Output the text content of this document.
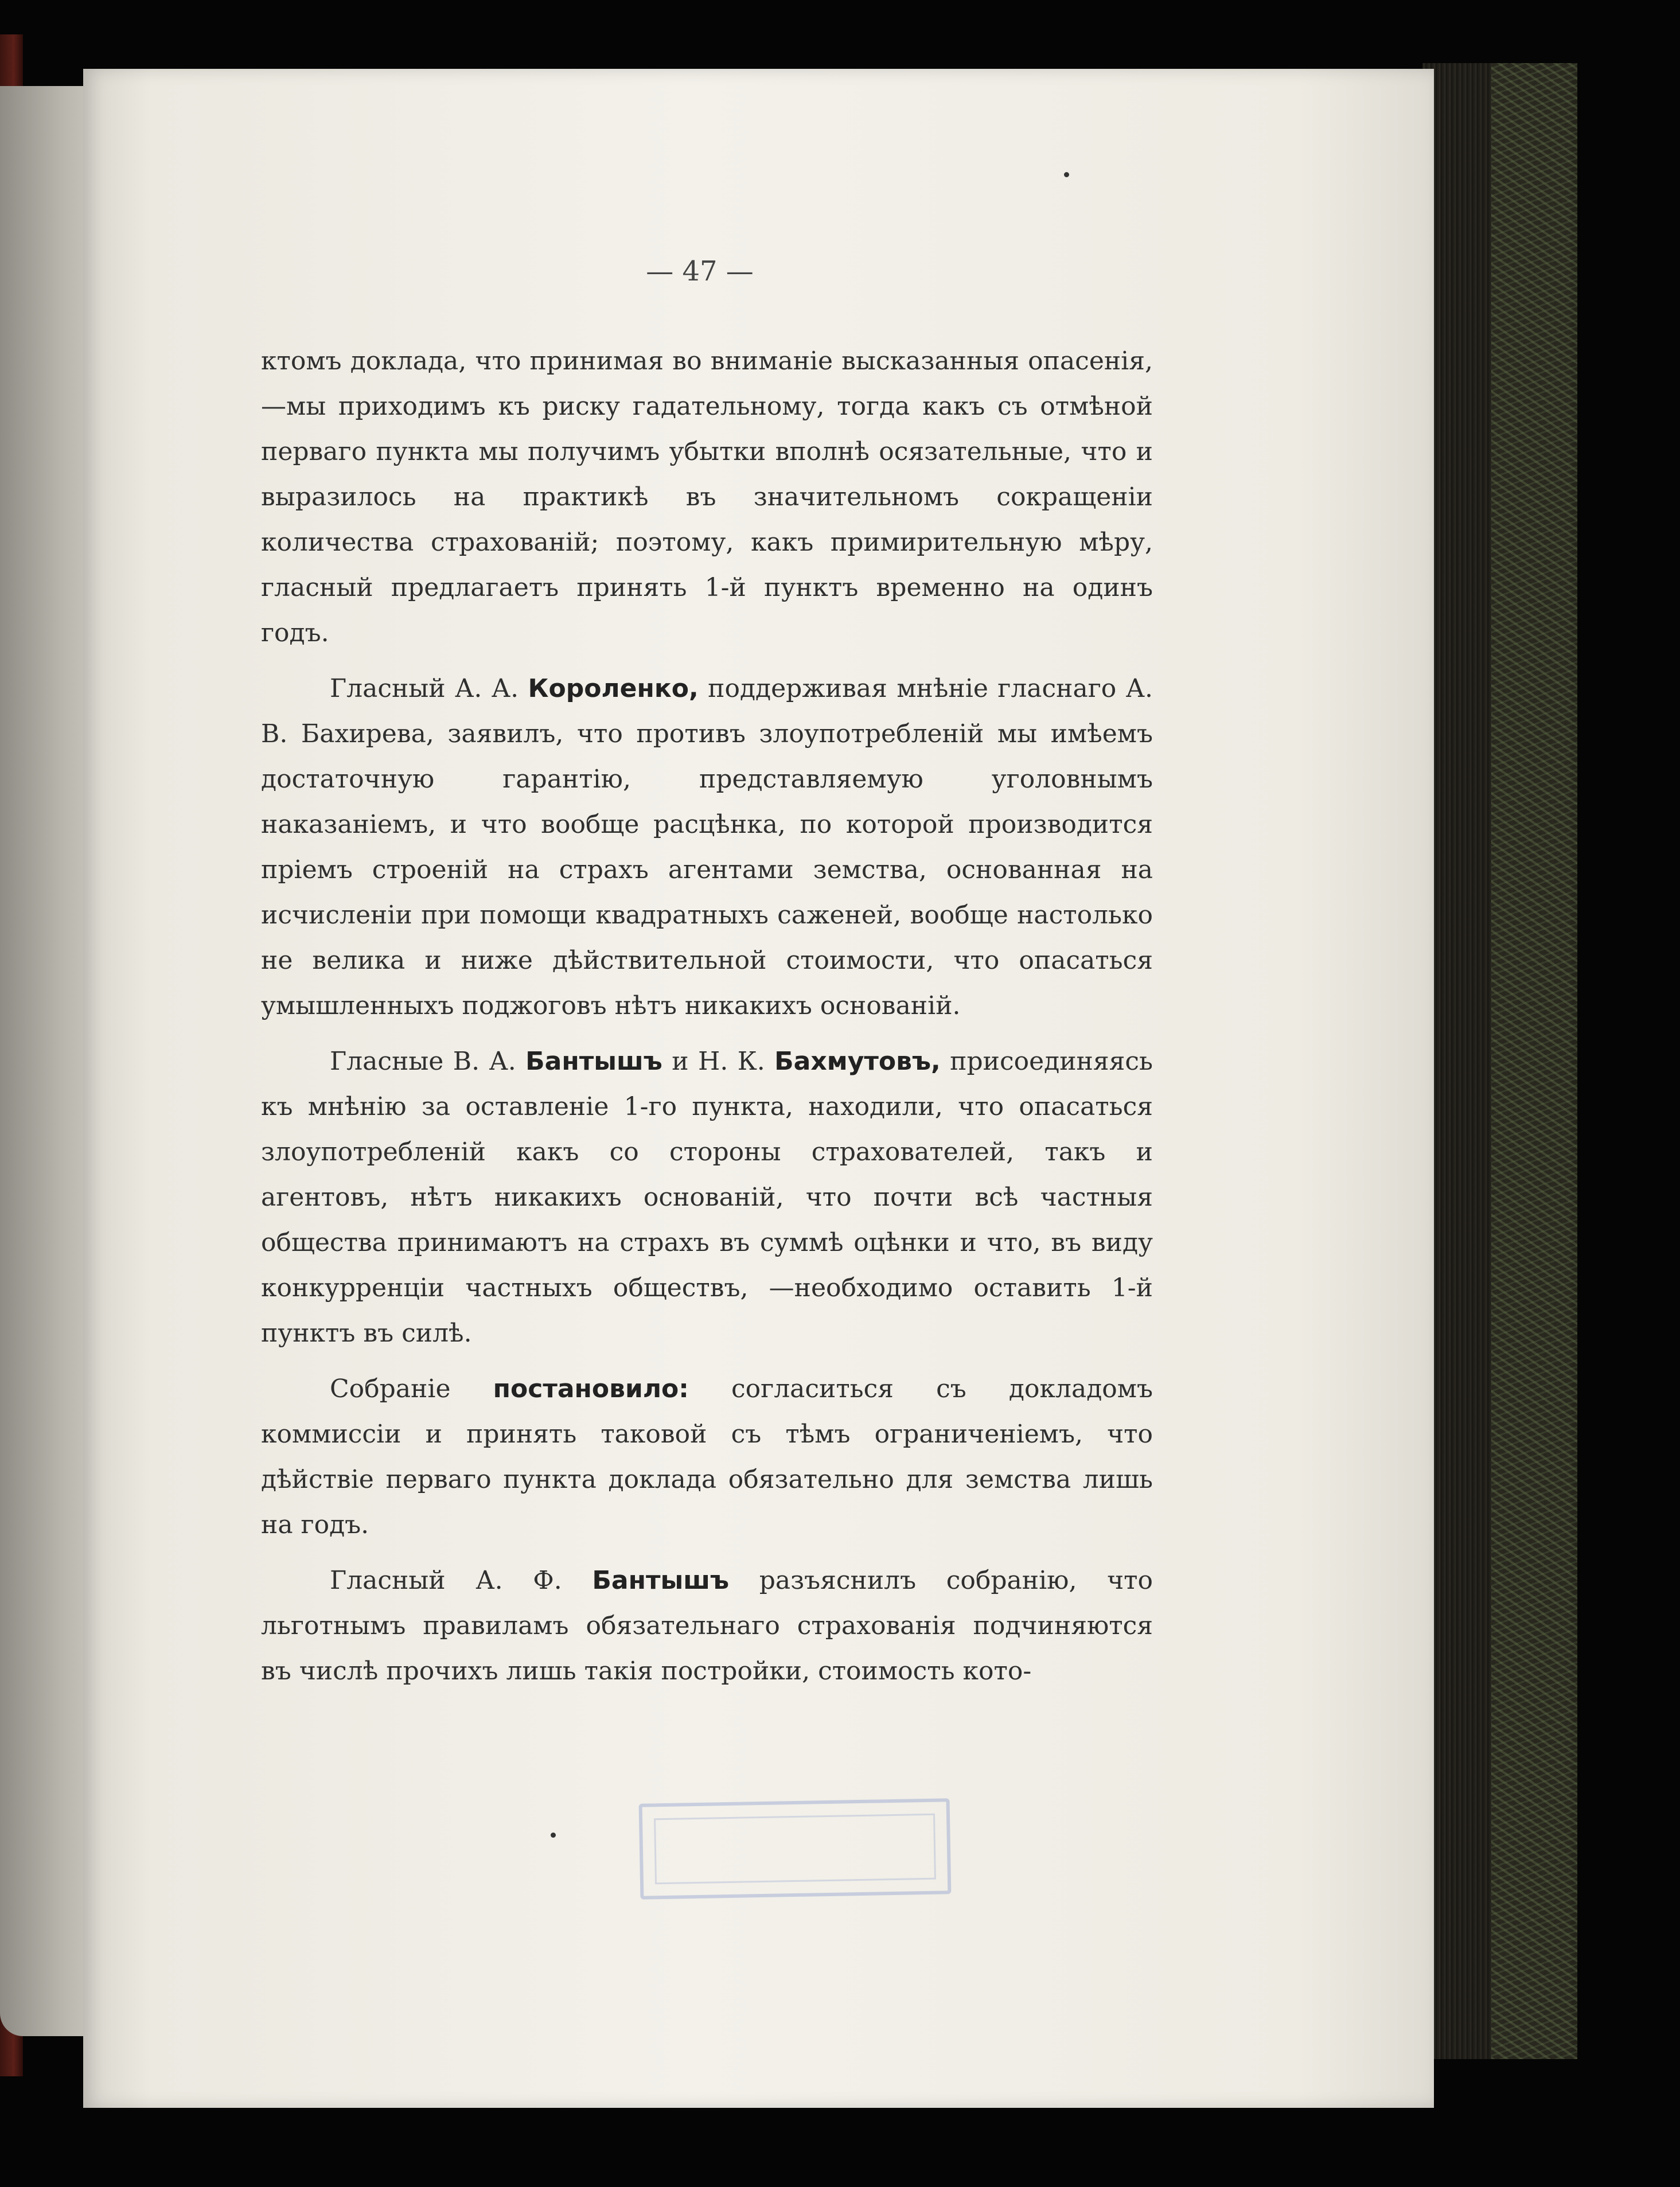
— 47 —

ктомъ доклада, что принимая во вниманіе высказанныя опасенія, —мы приходимъ къ риску гадательному, тогда какъ съ отмѣной перваго пункта мы получимъ убытки вполнѣ осязательные, что и выразилось на практикѣ въ значительномъ сокращеніи количества страхованій; поэтому, какъ примирительную мѣру, гласный предлагаетъ принять 1-й пунктъ временно на одинъ годъ.

Гласный А. А. Короленко, поддерживая мнѣніе гласнаго А. В. Бахирева, заявилъ, что противъ злоупотребленій мы имѣемъ достаточную гарантію, представляемую уголовнымъ наказаніемъ, и что вообще расцѣнка, по которой производится пріемъ строеній на страхъ агентами земства, основанная на исчисленіи при помощи квадратныхъ саженей, вообще настолько не велика и ниже дѣйствительной стоимости, что опасаться умышленныхъ поджоговъ нѣтъ никакихъ основаній.

Гласные В. А. Бантышъ и Н. К. Бахмутовъ, присоединяясь къ мнѣнію за оставленіе 1-го пункта, находили, что опасаться злоупотребленій какъ со стороны страхователей, такъ и агентовъ, нѣтъ никакихъ основаній, что почти всѣ частныя общества принимаютъ на страхъ въ суммѣ оцѣнки и что, въ виду конкурренціи частныхъ обществъ, —необходимо оставить 1-й пунктъ въ силѣ.

Собраніе постановило: согласиться съ докладомъ коммиссіи и принять таковой съ тѣмъ ограниченіемъ, что дѣйствіе перваго пункта доклада обязательно для земства лишь на годъ.

Гласный А. Ф. Бантышъ разъяснилъ собранію, что льготнымъ правиламъ обязательнаго страхованія подчиняются въ числѣ прочихъ лишь такія постройки, стоимость кото-
